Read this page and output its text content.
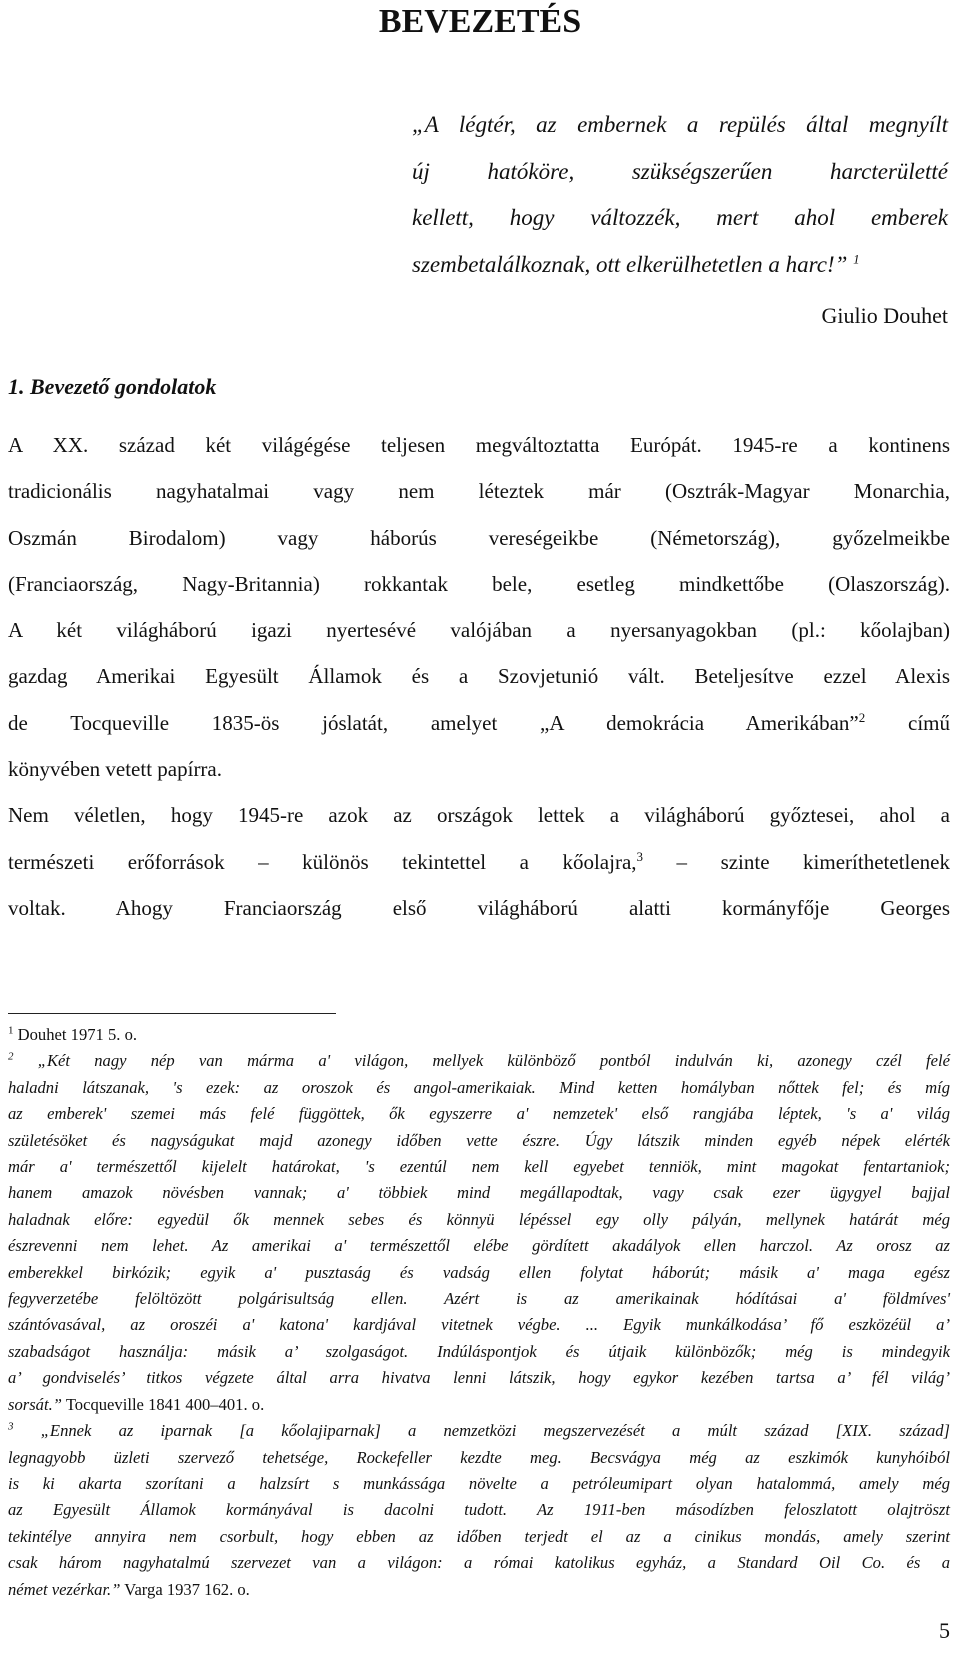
BEVEZETÉS
„A légtér, az embernek a repülés által megnyílt
új hatóköre, szükségszerűen harcterületté
kellett, hogy változzék, mert ahol emberek
szembetalálkoznak, ott elkerülhetetlen a harc!” $^1$

Giulio Douhet

1. Bevezető gondolatok
A XX. század két világégése teljesen megváltoztatta Európát. 1945-re a kontinens
tradicionális nagyhatalmai vagy nem léteztek már (Osztrák-Magyar Monarchia,
Oszmán Birodalom) vagy háborús vereségeikbe (Németország), győzelmeikbe
(Franciaország, Nagy-Britannia) rokkantak bele, esetleg mindkettőbe (Olaszország).
A két világháború igazi nyertesévé valójában a nyersanyagokban (pl.: kőolajban)
gazdag Amerikai Egyesült Államok és a Szovjetunió vált. Beteljesítve ezzel Alexis
de Tocqueville 1835-ös jóslatát, amelyet „A demokrácia Amerikában”$^2$ című
könyvében vetett papírra.
Nem véletlen, hogy 1945-re azok az országok lettek a világháború győztesei, ahol a
természeti erőforrások – különös tekintettel a kőolajra,$^3$ – szinte kimeríthetetlenek
voltak. Ahogy Franciaország első világháború alatti kormányfője Georges
$^1$ Douhet 1971 5. o.
$^2$ „Két nagy nép van márma a' világon, mellyek különböző pontból indulván ki, azonegy czél felé
haladni látszanak, 's ezek: az oroszok és angol-amerikaiak. Mind ketten homályban nőttek fel; és míg
az emberek' szemei más felé függöttek, ők egyszerre a' nemzetek' első rangjába léptek, 's a' világ
születésöket és nagyságukat majd azonegy időben vette észre. Úgy látszik minden egyéb népek elérték
már a' természettől kijelelt határokat, 's ezentúl nem kell egyebet tenniök, mint magokat fentartaniok;
hanem amazok növésben vannak; a' többiek mind megállapodtak, vagy csak ezer ügygyel bajjal
haladnak előre: egyedül ők mennek sebes és könnyü lépéssel egy olly pályán, mellynek határát még
észrevenni nem lehet. Az amerikai a' természettől elébe gördített akadályok ellen harczol. Az orosz az
emberekkel birkózik; egyik a' pusztaság és vadság ellen folytat háborút; másik a' maga egész
fegyverzetébe felöltözött polgárisultság ellen. Azért is az amerikainak hódításai a' földmíves'
szántóvasával, az oroszéi a' katona' kardjával vitetnek végbe. ... Egyik munkálkodása’ fő eszközéül a’
szabadságot használja: másik a’ szolgaságot. Indúláspontjok és útjaik különbözők; még is mindegyik
a’ gondviselés’ titkos végzete által arra hivatva lenni látszik, hogy egykor kezében tartsa a’ fél világ’
sorsát.” Tocqueville 1841 400–401. o.
$^3$ „Ennek az iparnak [a kőolajiparnak] a nemzetközi megszervezését a múlt század [XIX. század]
legnagyobb üzleti szervező tehetsége, Rockefeller kezdte meg. Becsvágya még az eszkimók kunyhóiból
is ki akarta szorítani a halzsírt s munkássága növelte a petróleumipart olyan hatalommá, amely még
az Egyesült Államok kormányával is dacolni tudott. Az 1911-ben másodízben feloszlatott olajtröszt
tekintélye annyira nem csorbult, hogy ebben az időben terjedt el az a cinikus mondás, amely szerint
csak három nagyhatalmú szervezet van a világon: a római katolikus egyház, a Standard Oil Co. és a
német vezérkar.” Varga 1937 162. o.

5
